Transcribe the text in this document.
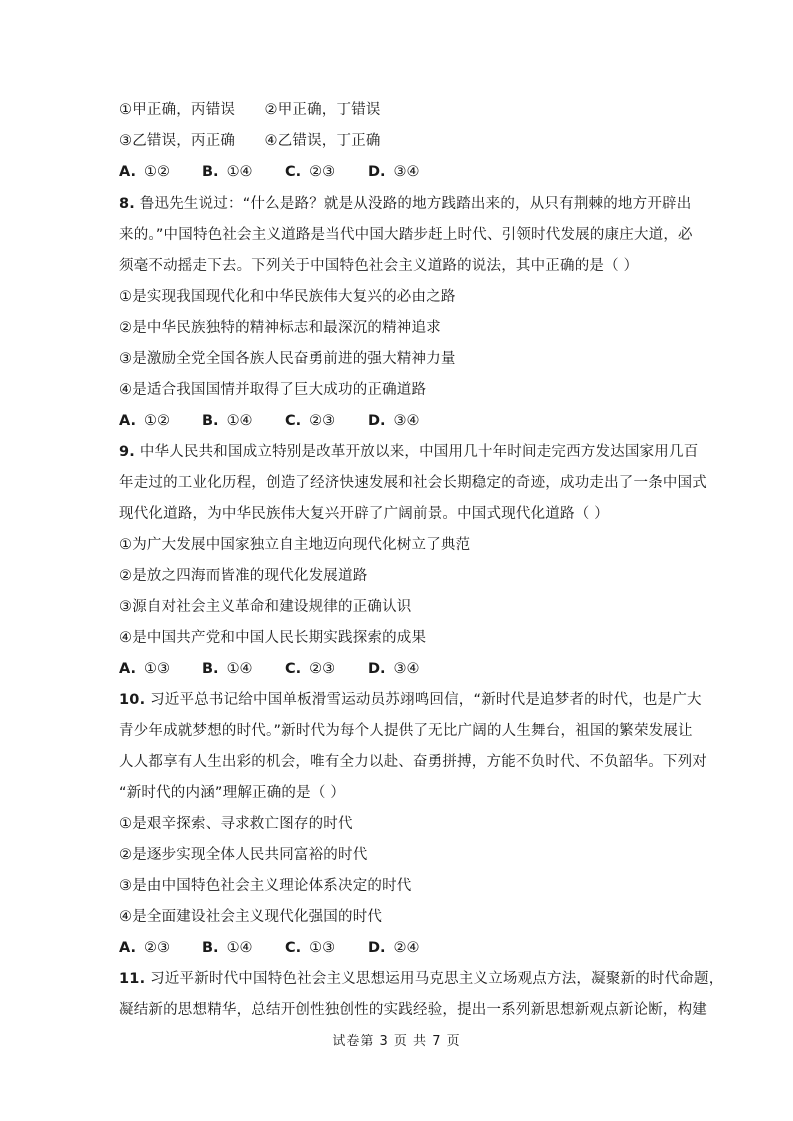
①甲正确，丙错误　　②甲正确，丁错误
③乙错误，丙正确　　④乙错误，丁正确
A. ①② B. ①④ C. ②③ D. ③④
8. 鲁迅先生说过：“什么是路？就是从没路的地方践踏出来的，从只有荆棘的地方开辟出
来的。”中国特色社会主义道路是当代中国大踏步赶上时代、引领时代发展的康庄大道，必
须毫不动摇走下去。下列关于中国特色社会主义道路的说法，其中正确的是（ ）
①是实现我国现代化和中华民族伟大复兴的必由之路
②是中华民族独特的精神标志和最深沉的精神追求
③是激励全党全国各族人民奋勇前进的强大精神力量
④是适合我国国情并取得了巨大成功的正确道路
A. ①② B. ①④ C. ②③ D. ③④
9. 中华人民共和国成立特别是改革开放以来，中国用几十年时间走完西方发达国家用几百
年走过的工业化历程，创造了经济快速发展和社会长期稳定的奇迹，成功走出了一条中国式
现代化道路，为中华民族伟大复兴开辟了广阔前景。中国式现代化道路（ ）
①为广大发展中国家独立自主地迈向现代化树立了典范
②是放之四海而皆准的现代化发展道路
③源自对社会主义革命和建设规律的正确认识
④是中国共产党和中国人民长期实践探索的成果
A. ①③ B. ①④ C. ②③ D. ③④
10. 习近平总书记给中国单板滑雪运动员苏翊鸣回信，“新时代是追梦者的时代，也是广大
青少年成就梦想的时代。”新时代为每个人提供了无比广阔的人生舞台，祖国的繁荣发展让
人人都享有人生出彩的机会，唯有全力以赴、奋勇拼搏，方能不负时代、不负韶华。下列对
“新时代的内涵”理解正确的是（ ）
①是艰辛探索、寻求救亡图存的时代
②是逐步实现全体人民共同富裕的时代
③是由中国特色社会主义理论体系决定的时代
④是全面建设社会主义现代化强国的时代
A. ②③ B. ①④ C. ①③ D. ②④
11. 习近平新时代中国特色社会主义思想运用马克思主义立场观点方法，凝聚新的时代命题，
凝结新的思想精华，总结开创性独创性的实践经验，提出一系列新思想新观点新论断，构建
试卷第 3 页 共 7 页
